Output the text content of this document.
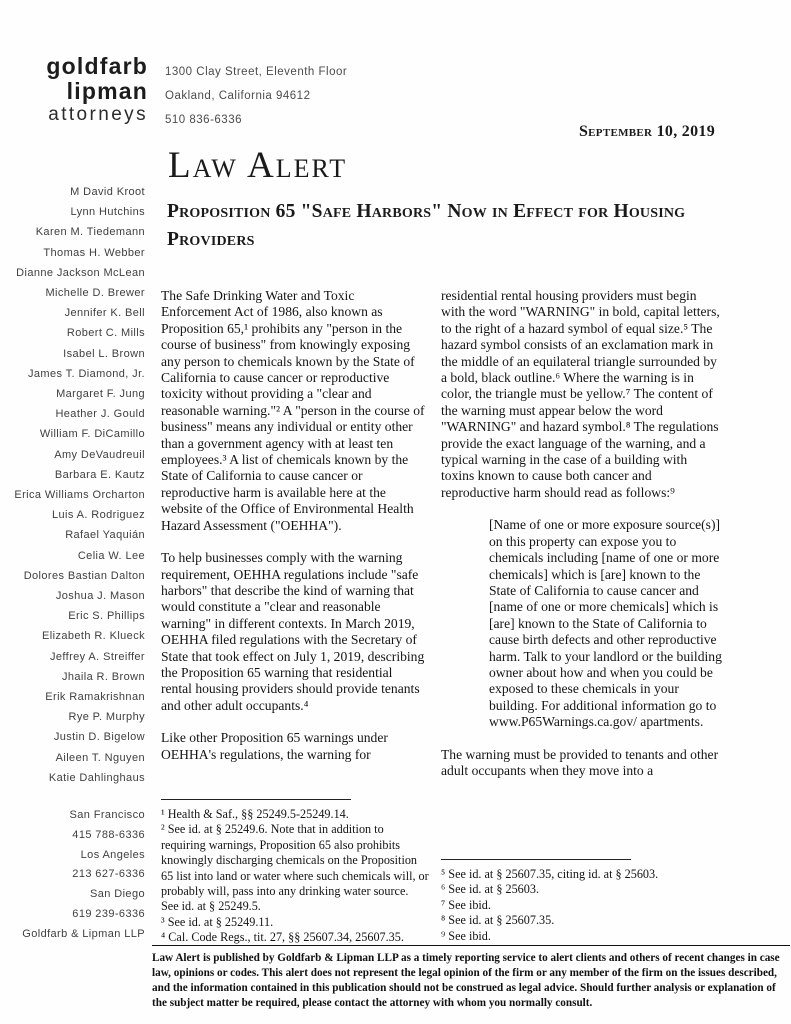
goldfarb
lipman
attorneys
1300 Clay Street, Eleventh Floor
Oakland, California 94612
510 836-6336
September 10, 2019
M David Kroot
Lynn Hutchins
Karen M. Tiedemann
Thomas H. Webber
Dianne Jackson McLean
Michelle D. Brewer
Jennifer K. Bell
Robert C. Mills
Isabel L. Brown
James T. Diamond, Jr.
Margaret F. Jung
Heather J. Gould
William F. DiCamillo
Amy DeVaudreuil
Barbara E. Kautz
Erica Williams Orcharton
Luis A. Rodriguez
Rafael Yaquián
Celia W. Lee
Dolores Bastian Dalton
Joshua J. Mason
Eric S. Phillips
Elizabeth R. Klueck
Jeffrey A. Streiffer
Jhaila R. Brown
Erik Ramakrishnan
Rye P. Murphy
Justin D. Bigelow
Aileen T. Nguyen
Katie Dahlinghaus
San Francisco
415 788-6336
Los Angeles
213 627-6336
San Diego
619 239-6336
Goldfarb & Lipman LLP
Law Alert
Proposition 65 "Safe Harbors" Now in Effect for Housing Providers

The Safe Drinking Water and Toxic Enforcement Act of 1986, also known as Proposition 65,¹ prohibits any "person in the course of business" from knowingly exposing any person to chemicals known by the State of California to cause cancer or reproductive toxicity without providing a "clear and reasonable warning."² A "person in the course of business" means any individual or entity other than a government agency with at least ten employees.³ A list of chemicals known by the State of California to cause cancer or reproductive harm is available here at the website of the Office of Environmental Health Hazard Assessment ("OEHHA").

To help businesses comply with the warning requirement, OEHHA regulations include "safe harbors" that describe the kind of warning that would constitute a "clear and reasonable warning" in different contexts. In March 2019, OEHHA filed regulations with the Secretary of State that took effect on July 1, 2019, describing the Proposition 65 warning that residential rental housing providers should provide tenants and other adult occupants.⁴

Like other Proposition 65 warnings under OEHHA's regulations, the warning for

residential rental housing providers must begin with the word "WARNING" in bold, capital letters, to the right of a hazard symbol of equal size.⁵ The hazard symbol consists of an exclamation mark in the middle of an equilateral triangle surrounded by a bold, black outline.⁶ Where the warning is in color, the triangle must be yellow.⁷ The content of the warning must appear below the word "WARNING" and hazard symbol.⁸ The regulations provide the exact language of the warning, and a typical warning in the case of a building with toxins known to cause both cancer and reproductive harm should read as follows:⁹

[Name of one or more exposure source(s)] on this property can expose you to chemicals including [name of one or more chemicals] which is [are] known to the State of California to cause cancer and [name of one or more chemicals] which is [are] known to the State of California to cause birth defects and other reproductive harm. Talk to your landlord or the building owner about how and when you could be exposed to these chemicals in your building. For additional information go to www.P65Warnings.ca.gov/ apartments.

The warning must be provided to tenants and other adult occupants when they move into a

¹ Health & Saf., §§ 25249.5-25249.14.
² See id. at § 25249.6. Note that in addition to requiring warnings, Proposition 65 also prohibits knowingly discharging chemicals on the Proposition 65 list into land or water where such chemicals will, or probably will, pass into any drinking water source. See id. at § 25249.5.
³ See id. at § 25249.11.
⁴ Cal. Code Regs., tit. 27, §§ 25607.34, 25607.35.
⁵ See id. at § 25607.35, citing id. at § 25603.
⁶ See id. at § 25603.
⁷ See ibid.
⁸ See id. at § 25607.35.
⁹ See ibid.

Law Alert is published by Goldfarb & Lipman LLP as a timely reporting service to alert clients and others of recent changes in case law, opinions or codes. This alert does not represent the legal opinion of the firm or any member of the firm on the issues described, and the information contained in this publication should not be construed as legal advice. Should further analysis or explanation of the subject matter be required, please contact the attorney with whom you normally consult.
